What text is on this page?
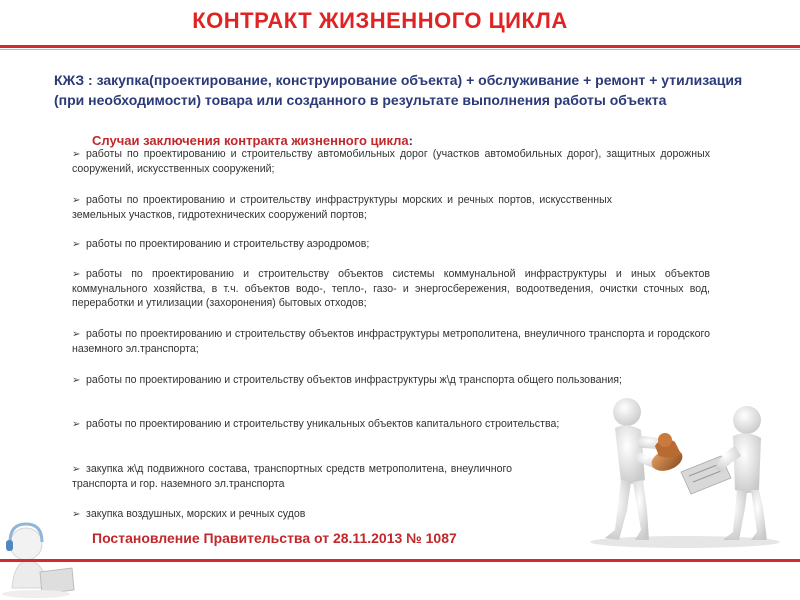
КОНТРАКТ ЖИЗНЕННОГО ЦИКЛА
КЖЗ : закупка(проектирование, конструирование объекта) + обслуживание + ремонт + утилизация (при необходимости) товара или созданного в результате выполнения работы объекта
Случаи заключения контракта жизненного цикла:
➢ работы по проектированию и строительству автомобильных дорог (участков автомобильных дорог), защитных дорожных сооружений, искусственных сооружений;
➢ работы по проектированию и строительству инфраструктуры морских и речных портов, искусственных земельных участков, гидротехнических сооружений портов;
➢ работы по проектированию и строительству аэродромов;
➢ работы по проектированию и строительству объектов системы коммунальной инфраструктуры и иных объектов коммунального хозяйства, в т.ч. объектов водо-, тепло-, газо- и энергосбережения, водоотведения, очистки сточных вод, переработки и утилизации (захоронения) бытовых отходов;
➢ работы по проектированию и строительству объектов инфраструктуры метрополитена, внеуличного транспорта и городского наземного эл.транспорта;
➢ работы по проектированию и строительству объектов инфраструктуры ж\д транспорта общего пользования;
➢ работы по проектированию и строительству уникальных объектов капитального строительства;
➢ закупка ж\д подвижного состава, транспортных средств метрополитена, внеуличного транспорта и гор. наземного эл.транспорта
➢ закупка воздушных, морских и речных судов
Постановление Правительства от 28.11.2013 № 1087
